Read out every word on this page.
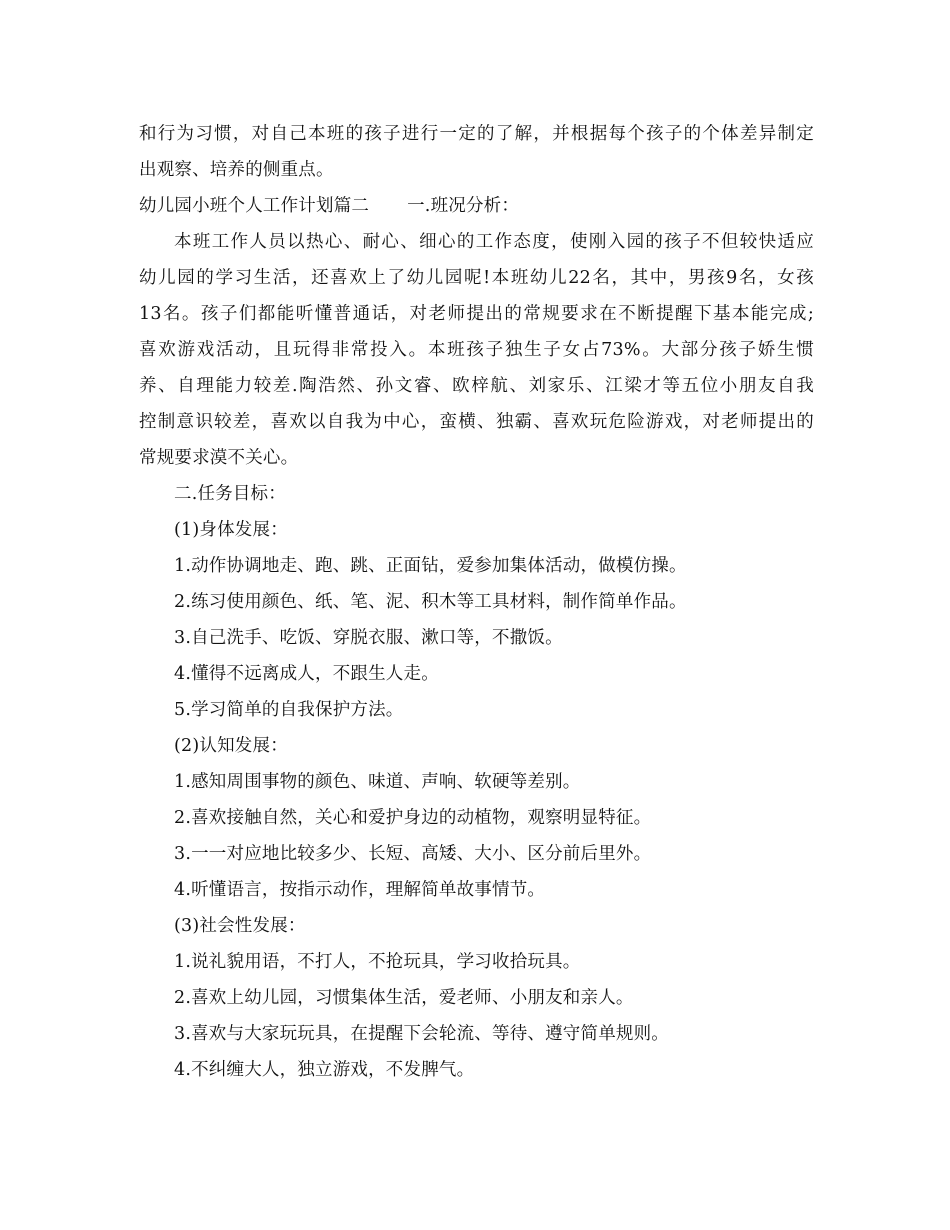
和行为习惯，对自己本班的孩子进行一定的了解，并根据每个孩子的个体差异制定
出观察、培养的侧重点。
幼儿园小班个人工作计划篇二 一.班况分析：
本班工作人员以热心、耐心、细心的工作态度，使刚入园的孩子不但较快适应
幼儿园的学习生活，还喜欢上了幼儿园呢!本班幼儿22名，其中，男孩9名，女孩
13名。孩子们都能听懂普通话，对老师提出的常规要求在不断提醒下基本能完成;
喜欢游戏活动，且玩得非常投入。本班孩子独生子女占73%。大部分孩子娇生惯
养、自理能力较差.陶浩然、孙文睿、欧梓航、刘家乐、江梁才等五位小朋友自我
控制意识较差，喜欢以自我为中心，蛮横、独霸、喜欢玩危险游戏，对老师提出的
常规要求漠不关心。
二.任务目标：
(1)身体发展：
1.动作协调地走、跑、跳、正面钻，爱参加集体活动，做模仿操。
2.练习使用颜色、纸、笔、泥、积木等工具材料，制作简单作品。
3.自己洗手、吃饭、穿脱衣服、漱口等，不撒饭。
4.懂得不远离成人，不跟生人走。
5.学习简单的自我保护方法。
(2)认知发展：
1.感知周围事物的颜色、味道、声响、软硬等差别。
2.喜欢接触自然，关心和爱护身边的动植物，观察明显特征。
3.一一对应地比较多少、长短、高矮、大小、区分前后里外。
4.听懂语言，按指示动作，理解简单故事情节。
(3)社会性发展：
1.说礼貌用语，不打人，不抢玩具，学习收拾玩具。
2.喜欢上幼儿园，习惯集体生活，爱老师、小朋友和亲人。
3.喜欢与大家玩玩具，在提醒下会轮流、等待、遵守简单规则。
4.不纠缠大人，独立游戏，不发脾气。
